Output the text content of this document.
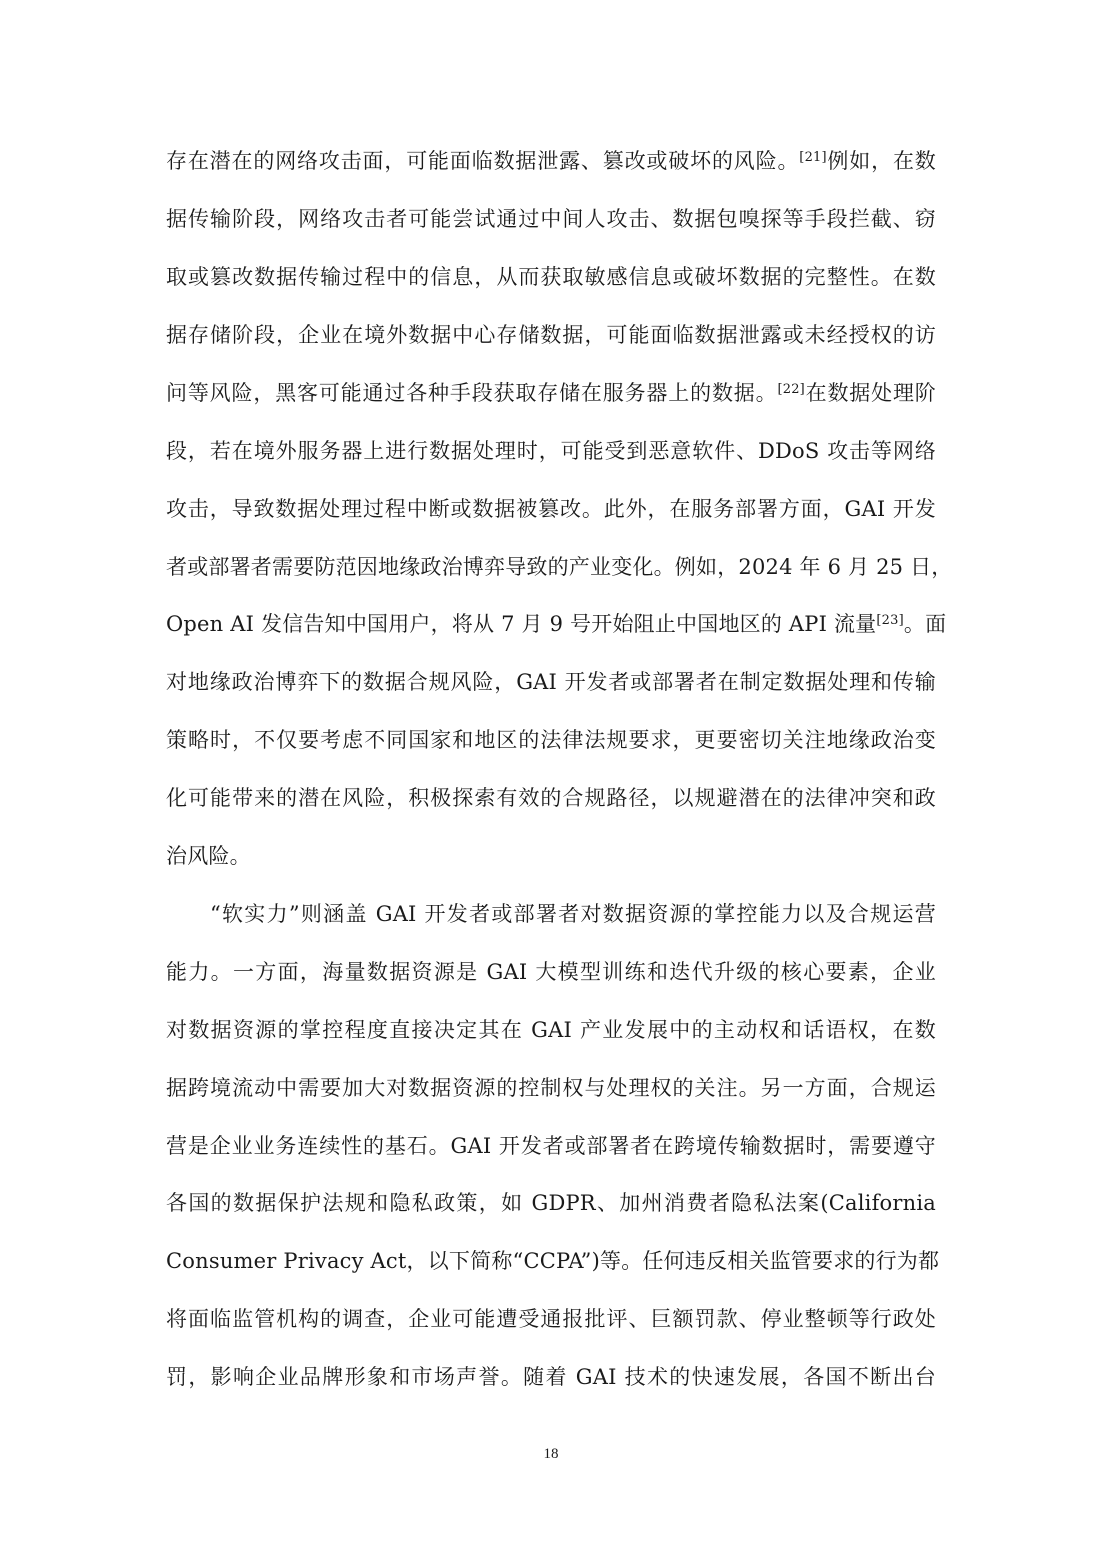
存在潜在的网络攻击面，可能面临数据泄露、篡改或破坏的风险。[21]例如，在数
据传输阶段，网络攻击者可能尝试通过中间人攻击、数据包嗅探等手段拦截、窃
取或篡改数据传输过程中的信息，从而获取敏感信息或破坏数据的完整性。在数
据存储阶段，企业在境外数据中心存储数据，可能面临数据泄露或未经授权的访
问等风险，黑客可能通过各种手段获取存储在服务器上的数据。[22]在数据处理阶
段，若在境外服务器上进行数据处理时，可能受到恶意软件、DDoS 攻击等网络
攻击，导致数据处理过程中断或数据被篡改。此外，在服务部署方面，GAI 开发
者或部署者需要防范因地缘政治博弈导致的产业变化。例如，2024 年 6 月 25 日，
Open AI 发信告知中国用户，将从 7 月 9 号开始阻止中国地区的 API 流量[23]。面
对地缘政治博弈下的数据合规风险，GAI 开发者或部署者在制定数据处理和传输
策略时，不仅要考虑不同国家和地区的法律法规要求，更要密切关注地缘政治变
化可能带来的潜在风险，积极探索有效的合规路径，以规避潜在的法律冲突和政
治风险。
“软实力”则涵盖 GAI 开发者或部署者对数据资源的掌控能力以及合规运营
能力。一方面，海量数据资源是 GAI 大模型训练和迭代升级的核心要素，企业
对数据资源的掌控程度直接决定其在 GAI 产业发展中的主动权和话语权，在数
据跨境流动中需要加大对数据资源的控制权与处理权的关注。另一方面，合规运
营是企业业务连续性的基石。GAI 开发者或部署者在跨境传输数据时，需要遵守
各国的数据保护法规和隐私政策，如 GDPR、加州消费者隐私法案(California
Consumer Privacy Act，以下简称“CCPA”)等。任何违反相关监管要求的行为都
将面临监管机构的调查，企业可能遭受通报批评、巨额罚款、停业整顿等行政处
罚，影响企业品牌形象和市场声誉。随着 GAI 技术的快速发展，各国不断出台
18
